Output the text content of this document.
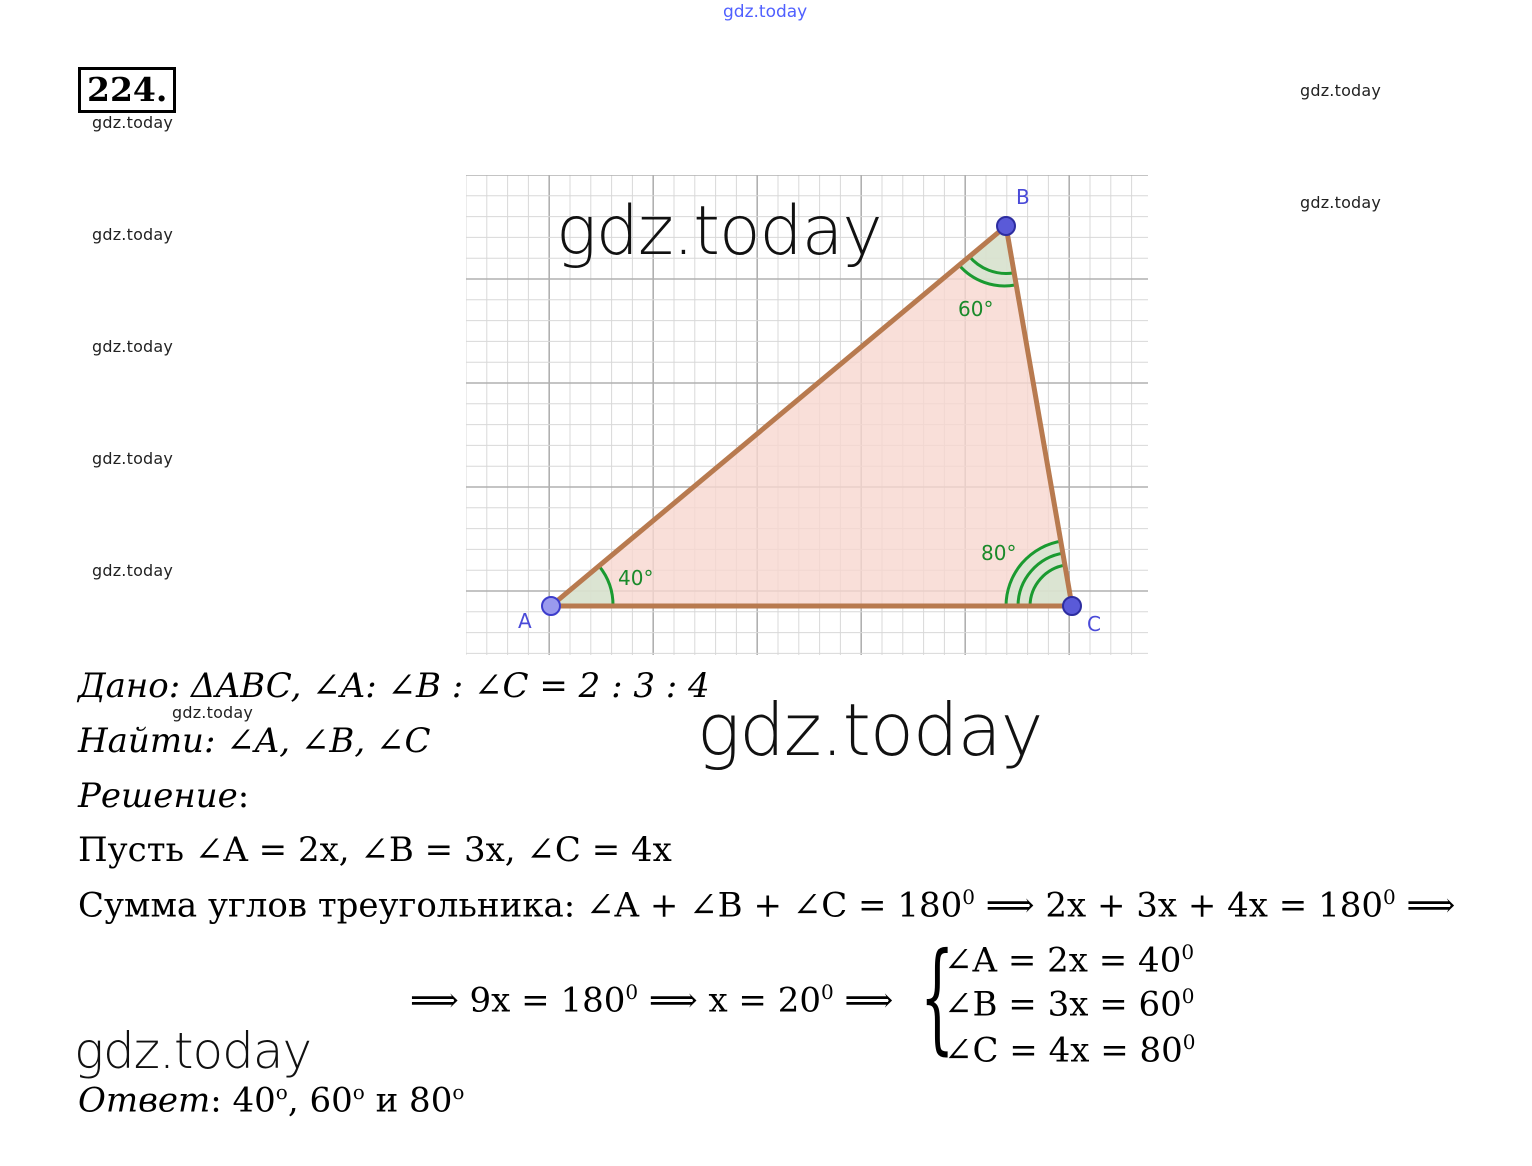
gdz.today
gdz.today
gdz.today
gdz.today
gdz.today
gdz.today
gdz.today
gdz.today
gdz.today
224.
A
B
C
40°
60°
80°
gdz.today
gdz.today
gdz.today
Дано: ΔABC, ∠A: ∠B : ∠C = 2 : 3 : 4
Найти: ∠A, ∠B, ∠C
Решение:
Пусть ∠A = 2x, ∠B = 3x, ∠C = 4x
Сумма углов треугольника: ∠A + ∠B + ∠C = $180^0$ ⟹ $2x + 3x + 4x = 180^0$ ⟹
⟹ $9x = 180^0$ ⟹ $x = 20^0$ ⟹ {
∠A = $2x = 40^0$
∠B = $3x = 60^0$
∠C = $4x = 80^0$
Ответ: 40$^o$, 60$^o$ и 80$^o$
